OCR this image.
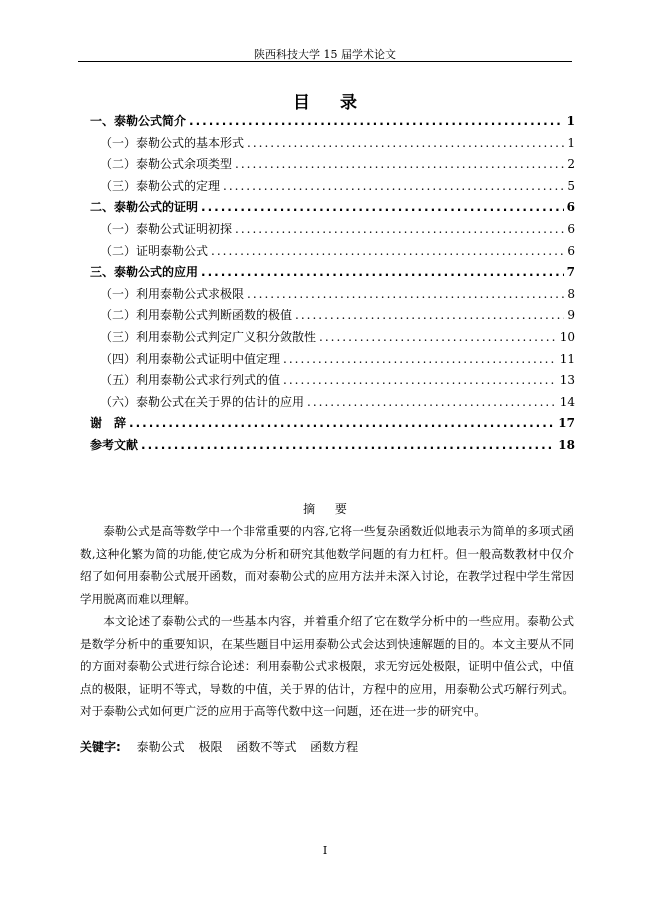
陕西科技大学 15 届学术论文
目 录
一、泰勒公式简介 .....	1
（一）泰勒公式的基本形式 .....	1
（二）泰勒公式余项类型 .....	2
（三）泰勒公式的定理 .....	5
二、泰勒公式的证明 .....	6
（一）泰勒公式证明初探 .....	6
（二）证明泰勒公式 .....	6
三、泰勒公式的应用 .....	7
（一）利用泰勒公式求极限 .....	8
（二）利用泰勒公式判断函数的极值 .....	9
（三）利用泰勒公式判定广义积分敛散性 .....	10
（四）利用泰勒公式证明中值定理 .....	11
（五）利用泰勒公式求行列式的值 .....	13
（六）泰勒公式在关于界的估计的应用 .....	14
谢　辞 .....	17
参考文献 .....	18
摘 要

泰勒公式是高等数学中一个非常重要的内容,它将一些复杂函数近似地表示为简单的多项式函数,这种化繁为简的功能,使它成为分析和研究其他数学问题的有力杠杆。但一般高数教材中仅介绍了如何用泰勒公式展开函数，而对泰勒公式的应用方法并未深入讨论，在教学过程中学生常因学用脱离而难以理解。

本文论述了泰勒公式的一些基本内容，并着重介绍了它在数学分析中的一些应用。泰勒公式是数学分析中的重要知识，在某些题目中运用泰勒公式会达到快速解题的目的。本文主要从不同的方面对泰勒公式进行综合论述：利用泰勒公式求极限，求无穷远处极限，证明中值公式，中值点的极限，证明不等式，导数的中值，关于界的估计，方程中的应用，用泰勒公式巧解行列式。对于泰勒公式如何更广泛的应用于高等代数中这一问题，还在进一步的研究中。

关键字: 泰勒公式 极限 函数不等式 函数方程
I
